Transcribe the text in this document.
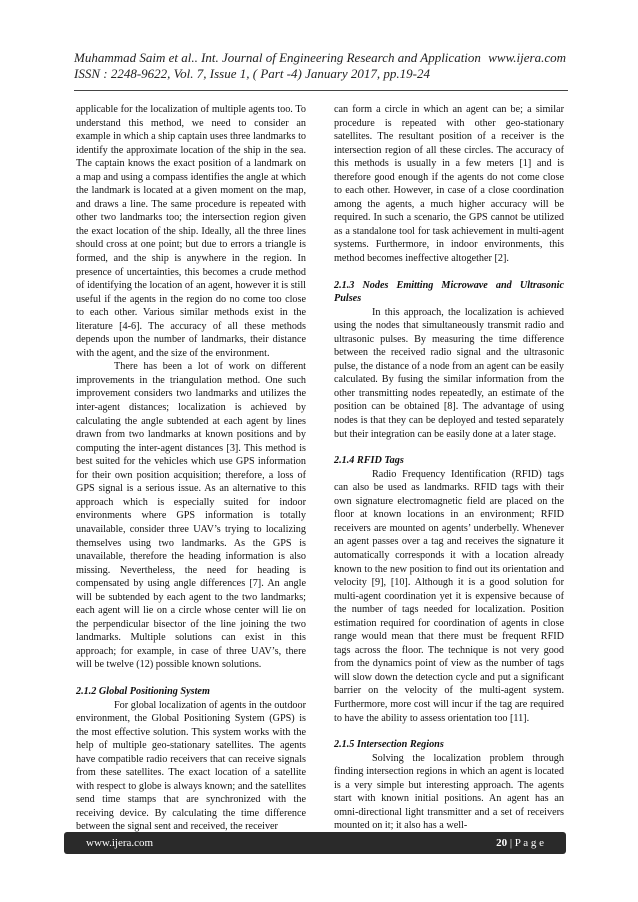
Muhammad Saim et al.. Int. Journal of Engineering Research and Application www.ijera.com
ISSN : 2248-9622, Vol. 7, Issue 1, ( Part -4) January 2017, pp.19-24

applicable for the localization of multiple agents too. To understand this method, we need to consider an example in which a ship captain uses three landmarks to identify the approximate location of the ship in the sea. The captain knows the exact position of a landmark on a map and using a compass identifies the angle at which the landmark is located at a given moment on the map, and draws a line. The same procedure is repeated with other two landmarks too; the intersection region given the exact location of the ship. Ideally, all the three lines should cross at one point; but due to errors a triangle is formed, and the ship is anywhere in the region. In presence of uncertainties, this becomes a crude method of identifying the location of an agent, however it is still useful if the agents in the region do no come too close to each other. Various similar methods exist in the literature [4-6]. The accuracy of all these methods depends upon the number of landmarks, their distance with the agent, and the size of the environment.

There has been a lot of work on different improvements in the triangulation method. One such improvement considers two landmarks and utilizes the inter-agent distances; localization is achieved by calculating the angle subtended at each agent by lines drawn from two landmarks at known positions and by computing the inter-agent distances [3]. This method is best suited for the vehicles which use GPS information for their own position acquisition; therefore, a loss of GPS signal is a serious issue. As an alternative to this approach which is especially suited for indoor environments where GPS information is totally unavailable, consider three UAV’s trying to localizing themselves using two landmarks. As the GPS is unavailable, therefore the heading information is also missing. Nevertheless, the need for heading is compensated by using angle differences [7]. An angle will be subtended by each agent to the two landmarks; each agent will lie on a circle whose center will lie on the perpendicular bisector of the line joining the two landmarks. Multiple solutions can exist in this approach; for example, in case of three UAV’s, there will be twelve (12) possible known solutions.

2.1.2 Global Positioning System

For global localization of agents in the outdoor environment, the Global Positioning System (GPS) is the most effective solution. This system works with the help of multiple geo-stationary satellites. The agents have compatible radio receivers that can receive signals from these satellites. The exact location of a satellite with respect to globe is always known; and the satellites send time stamps that are synchronized with the receiving device. By calculating the time difference between the signal sent and received, the receiver

can form a circle in which an agent can be; a similar procedure is repeated with other geo-stationary satellites. The resultant position of a receiver is the intersection region of all these circles. The accuracy of this methods is usually in a few meters [1] and is therefore good enough if the agents do not come close to each other. However, in case of a close coordination among the agents, a much higher accuracy will be required. In such a scenario, the GPS cannot be utilized as a standalone tool for task achievement in multi-agent systems. Furthermore, in indoor environments, this method becomes ineffective altogether [2].

2.1.3 Nodes Emitting Microwave and Ultrasonic Pulses

In this approach, the localization is achieved using the nodes that simultaneously transmit radio and ultrasonic pulses. By measuring the time difference between the received radio signal and the ultrasonic pulse, the distance of a node from an agent can be easily calculated. By fusing the similar information from the other transmitting nodes repeatedly, an estimate of the position can be obtained [8]. The advantage of using nodes is that they can be deployed and tested separately but their integration can be easily done at a later stage.

2.1.4 RFID Tags

Radio Frequency Identification (RFID) tags can also be used as landmarks. RFID tags with their own signature electromagnetic field are placed on the floor at known locations in an environment; RFID receivers are mounted on agents’ underbelly. Whenever an agent passes over a tag and receives the signature it automatically corresponds it with a location already known to the new position to find out its orientation and velocity [9], [10]. Although it is a good solution for multi-agent coordination yet it is expensive because of the number of tags needed for localization. Position estimation required for coordination of agents in close range would mean that there must be frequent RFID tags across the floor. The technique is not very good from the dynamics point of view as the number of tags will slow down the detection cycle and put a significant barrier on the velocity of the multi-agent system. Furthermore, more cost will incur if the tag are required to have the ability to assess orientation too [11].

2.1.5 Intersection Regions

Solving the localization problem through finding intersection regions in which an agent is located is a very simple but interesting approach. The agents start with known initial positions. An agent has an omni-directional light transmitter and a set of receivers mounted on it; it also has a well-

www.ijera.com	20 | P a g e
